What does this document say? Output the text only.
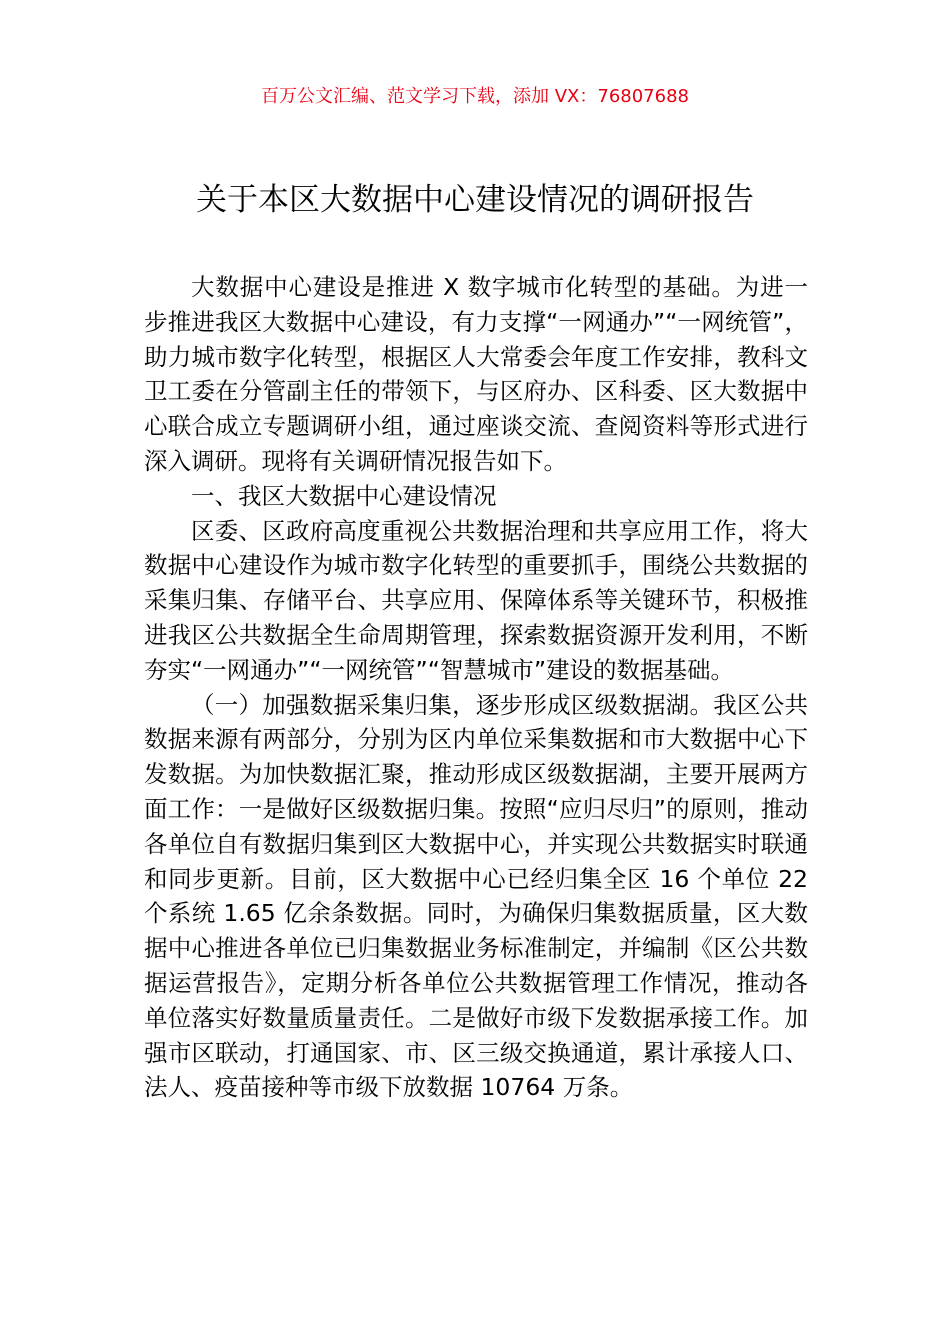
百万公文汇编、范文学习下载，添加 VX：76807688
关于本区大数据中心建设情况的调研报告

大数据中心建设是推进 X 数字城市化转型的基础。为进一步推进我区大数据中心建设，有力支撑“一网通办”“一网统管”，助力城市数字化转型，根据区人大常委会年度工作安排，教科文卫工委在分管副主任的带领下，与区府办、区科委、区大数据中心联合成立专题调研小组，通过座谈交流、查阅资料等形式进行深入调研。现将有关调研情况报告如下。

一、我区大数据中心建设情况

区委、区政府高度重视公共数据治理和共享应用工作，将大数据中心建设作为城市数字化转型的重要抓手，围绕公共数据的采集归集、存储平台、共享应用、保障体系等关键环节，积极推进我区公共数据全生命周期管理，探索数据资源开发利用，不断夯实“一网通办”“一网统管”“智慧城市”建设的数据基础。

（一）加强数据采集归集，逐步形成区级数据湖。我区公共数据来源有两部分，分别为区内单位采集数据和市大数据中心下发数据。为加快数据汇聚，推动形成区级数据湖，主要开展两方面工作：一是做好区级数据归集。按照“应归尽归”的原则，推动各单位自有数据归集到区大数据中心，并实现公共数据实时联通和同步更新。目前，区大数据中心已经归集全区 16 个单位 22 个系统 1.65 亿余条数据。同时，为确保归集数据质量，区大数据中心推进各单位已归集数据业务标准制定，并编制《区公共数据运营报告》，定期分析各单位公共数据管理工作情况，推动各单位落实好数量质量责任。二是做好市级下发数据承接工作。加强市区联动，打通国家、市、区三级交换通道，累计承接人口、法人、疫苗接种等市级下放数据 10764 万条。
